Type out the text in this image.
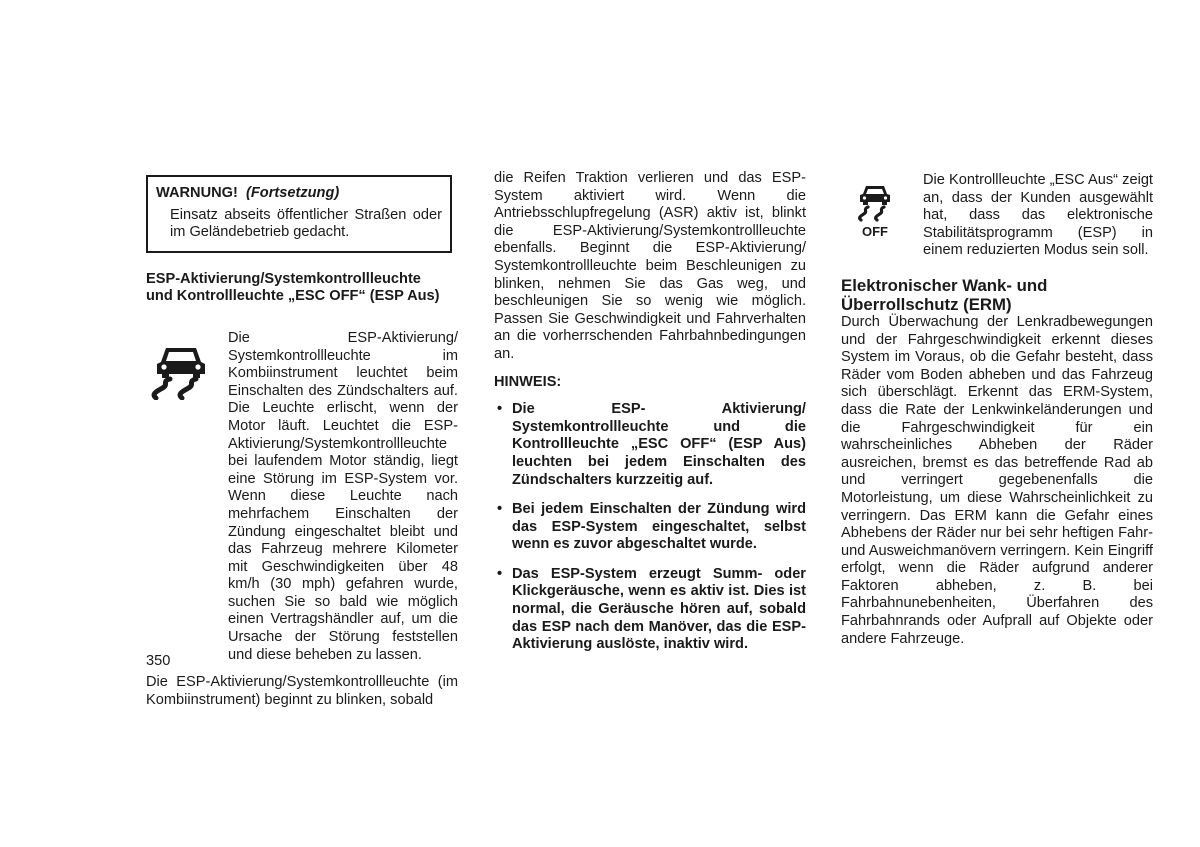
WARNUNG! (Fortsetzung)

Einsatz abseits öffentlicher Straßen oder im Geländebetrieb gedacht.

ESP-Aktivierung/Systemkontrollleuchte

und Kontrollleuchte „ESC OFF“ (ESP Aus)

Die ESP-Aktivierung/ Systemkontrollleuchte im Kombiinstrument leuchtet beim Einschalten des Zündschalters auf. Die Leuchte erlischt, wenn der Motor läuft. Leuchtet die ESP-Aktivierung/Systemkontrollleuchte bei laufendem Motor ständig, liegt eine Störung im ESP-System vor. Wenn diese Leuchte nach mehrfachem Einschalten der Zündung eingeschaltet bleibt und das Fahrzeug mehrere Kilometer mit Geschwindigkeiten über 48 km/h (30 mph) gefahren wurde, suchen Sie so bald wie möglich einen Vertragshändler auf, um die Ursache der Störung feststellen und diese beheben zu lassen.

Die ESP-Aktivierung/Systemkontrollleuchte (im Kombiinstrument) beginnt zu blinken, sobald

die Reifen Traktion verlieren und das ESP-System aktiviert wird. Wenn die Antriebsschlupfregelung (ASR) aktiv ist, blinkt die ESP-Aktivierung/Systemkontrollleuchte ebenfalls. Beginnt die ESP-Aktivierung/ Systemkontrollleuchte beim Beschleunigen zu blinken, nehmen Sie das Gas weg, und beschleunigen Sie so wenig wie möglich. Passen Sie Geschwindigkeit und Fahrverhalten an die vorherrschenden Fahrbahnbedingungen an.

HINWEIS:

• Die ESP- Aktivierung/ Systemkontrollleuchte und die Kontrollleuchte „ESC OFF“ (ESP Aus) leuchten bei jedem Einschalten des Zündschalters kurzzeitig auf.
• Bei jedem Einschalten der Zündung wird das ESP-System eingeschaltet, selbst wenn es zuvor abgeschaltet wurde.
• Das ESP-System erzeugt Summ- oder Klickgeräusche, wenn es aktiv ist. Dies ist normal, die Geräusche hören auf, sobald das ESP nach dem Manöver, das die ESP-Aktivierung auslöste, inaktiv wird.
OFF

Die Kontrollleuchte „ESC Aus“ zeigt an, dass der Kunden ausgewählt hat, dass das elektronische Stabilitätsprogramm (ESP) in einem reduzierten Modus sein soll.

Elektronischer Wank- und

Überrollschutz (ERM)

Durch Überwachung der Lenkradbewegungen und der Fahrgeschwindigkeit erkennt dieses System im Voraus, ob die Gefahr besteht, dass Räder vom Boden abheben und das Fahrzeug sich überschlägt. Erkennt das ERM-System, dass die Rate der Lenkwinkeländerungen und die Fahrgeschwindigkeit für ein wahrscheinliches Abheben der Räder ausreichen, bremst es das betreffende Rad ab und verringert gegebenenfalls die Motorleistung, um diese Wahrscheinlichkeit zu verringern. Das ERM kann die Gefahr eines Abhebens der Räder nur bei sehr heftigen Fahr- und Ausweichmanövern verringern. Kein Eingriff erfolgt, wenn die Räder aufgrund anderer Faktoren abheben, z. B. bei Fahrbahnunebenheiten, Überfahren des Fahrbahnrands oder Aufprall auf Objekte oder andere Fahrzeuge.

350
